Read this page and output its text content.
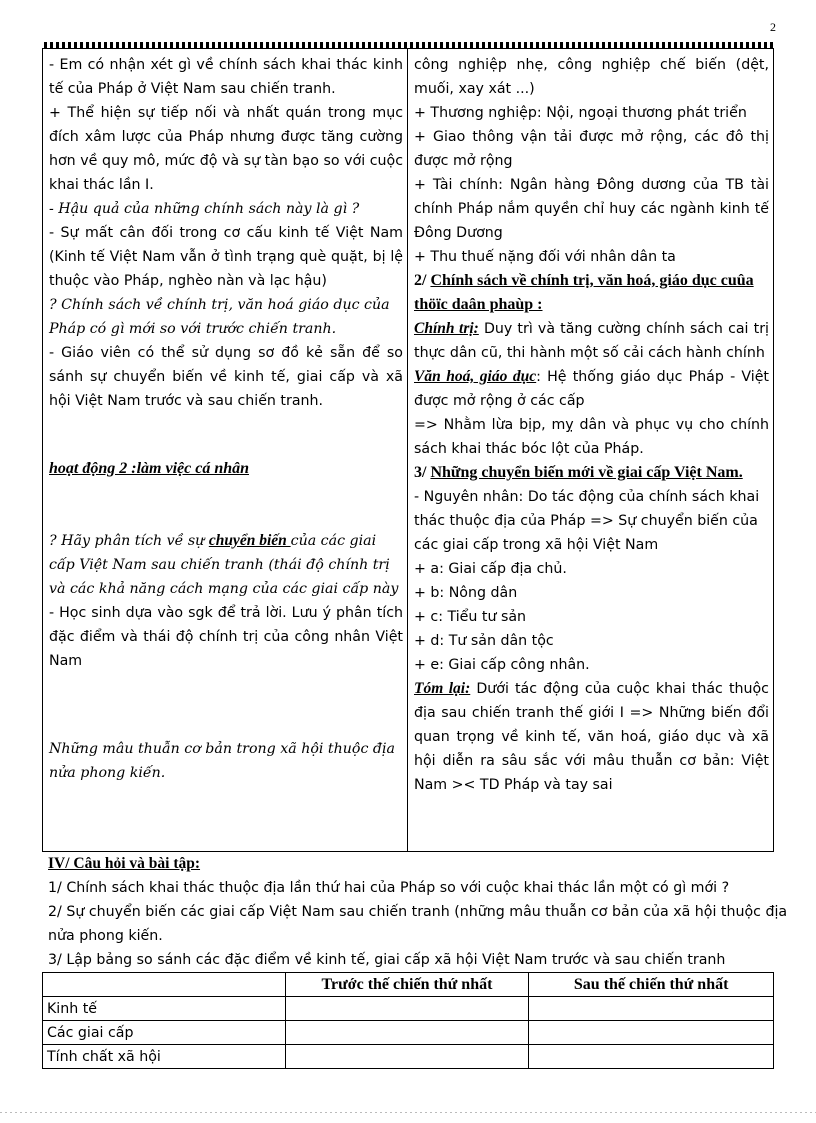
2

- Em có nhận xét gì về chính sách khai thác kinh tế của Pháp ở Việt Nam sau chiến tranh.

+ Thể hiện sự tiếp nối và nhất quán trong mục đích xâm lược của Pháp nhưng được tăng cường hơn về quy mô, mức độ và sự tàn bạo so với cuộc khai thác lần I.

- Hậu quả của những chính sách này là gì ?

- Sự mất cân đối trong cơ cấu kinh tế Việt Nam (Kinh tế Việt Nam vẫn ở tình trạng què quặt, bị lệ thuộc vào Pháp, nghèo nàn và lạc hậu)

? Chính sách về chính trị, văn hoá giáo dục của Pháp có gì mới so với trước chiến tranh.

- Giáo viên có thể sử dụng sơ đồ kẻ sẵn để so sánh sự chuyển biến về kinh tế, giai cấp và xã hội Việt Nam trước và sau chiến tranh.

hoạt động 2 :làm việc cá nhân

? Hãy phân tích về sự chuyển biến của các giai cấp Việt Nam sau chiến tranh (thái độ chính trị và các khả năng cách mạng của các giai cấp này

- Học sinh dựa vào sgk để trả lời. Lưu ý phân tích đặc điểm và thái độ chính trị của công nhân Việt Nam

Những mâu thuẫn cơ bản trong xã hội thuộc địa nửa phong kiến.

công nghiệp nhẹ, công nghiệp chế biến (dệt, muối, xay xát ...)

+ Thương nghiệp: Nội, ngoại thương phát triển

+ Giao thông vận tải được mở rộng, các đô thị được mở rộng

+ Tài chính: Ngân hàng Đông dương của TB tài chính Pháp nắm quyền chỉ huy các ngành kinh tế Đông Dương

+ Thu thuế nặng đối với nhân dân ta

2/ Chính sách về chính trị, văn hoá, giáo dục cuûa thöïc daân phaùp :

Chính trị: Duy trì và tăng cường chính sách cai trị thực dân cũ, thi hành một số cải cách hành chính

Văn hoá, giáo dục: Hệ thống giáo dục Pháp - Việt được mở rộng ở các cấp

=> Nhằm lừa bịp, mỵ dân và phục vụ cho chính sách khai thác bóc lột của Pháp.

3/ Những chuyển biến mới về giai cấp Việt Nam.

- Nguyên nhân: Do tác động của chính sách khai thác thuộc địa của Pháp => Sự chuyển biến của các giai cấp trong xã hội Việt Nam

+ a: Giai cấp địa chủ.

+ b: Nông dân

+ c: Tiểu tư sản

+ d: Tư sản dân tộc

+ e: Giai cấp công nhân.

Tóm lại: Dưới tác động của cuộc khai thác thuộc địa sau chiến tranh thế giới I => Những biến đổi quan trọng về kinh tế, văn hoá, giáo dục và xã hội diễn ra sâu sắc với mâu thuẫn cơ bản: Việt Nam >< TD Pháp và tay sai

IV/ Câu hỏi và bài tập:

1/ Chính sách khai thác thuộc địa lần thứ hai của Pháp so với cuộc khai thác lần một có gì mới ?

2/ Sự chuyển biến các giai cấp Việt Nam sau chiến tranh (những mâu thuẫn cơ bản của xã hội thuộc địa nửa phong kiến.

3/ Lập bảng so sánh các đặc điểm về kinh tế, giai cấp xã hội Việt Nam trước và sau chiến tranh

	Trước thế chiến thứ nhất	Sau thế chiến thứ nhất
Kinh tế		
Các giai cấp		
Tính chất xã hội		
